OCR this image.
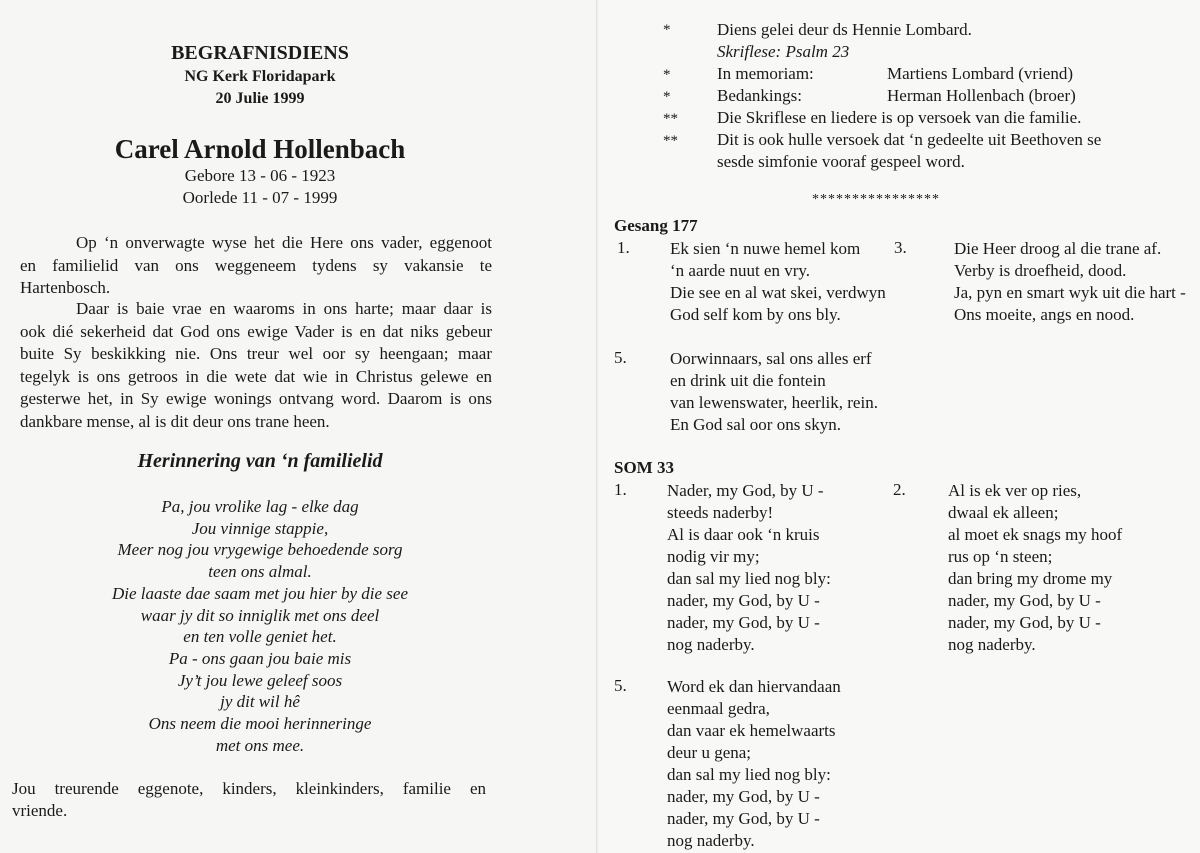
BEGRAFNISDIENS
NG Kerk Floridapark
20 Julie 1999
Carel Arnold Hollenbach
Gebore 13 - 06 - 1923
Oorlede 11 - 07 - 1999
Op ‘n onverwagte wyse het die Here ons vader, eggenoot
en familielid van ons weggeneem tydens sy vakansie te
Hartenbosch.
Daar is baie vrae en waaroms in ons harte; maar daar is
ook dié sekerheid dat God ons ewige Vader is en dat niks gebeur
buite Sy beskikking nie. Ons treur wel oor sy heengaan; maar
tegelyk is ons getroos in die wete dat wie in Christus gelewe en
gesterwe het, in Sy ewige wonings ontvang word. Daarom is ons
dankbare mense, al is dit deur ons trane heen.
Herinnering van ‘n familielid
Pa, jou vrolike lag - elke dag
Jou vinnige stappie,
Meer nog jou vrygewige behoedende sorg
teen ons almal.
Die laaste dae saam met jou hier by die see
waar jy dit so inniglik met ons deel
en ten volle geniet het.
Pa - ons gaan jou baie mis
Jy’t jou lewe geleef soos
jy dit wil hê
Ons neem die mooi herinneringe
met ons mee.
Jou treurende eggenote, kinders, kleinkinders, familie en
vriende.
*	Diens gelei deur ds Hennie Lombard.
Skriflese: Psalm 23
*	In memoriam:	Martiens Lombard (vriend)
*	Bedankings:	Herman Hollenbach (broer)
** Die Skriflese en liedere is op versoek van die familie.
** Dit is ook hulle versoek dat ‘n gedeelte uit Beethoven se
sesde simfonie vooraf gespeel word.
****************
Gesang 177
1. Ek sien ‘n nuwe hemel kom
‘n aarde nuut en vry.
Die see en al wat skei, verdwyn
God self kom by ons bly.
3.	Die Heer droog al die trane af.
Verby is droefheid, dood.
Ja, pyn en smart wyk uit die hart -
Ons moeite, angs en nood.
5.	Oorwinnaars, sal ons alles erf
en drink uit die fontein
van lewenswater, heerlik, rein.
En God sal oor ons skyn.
SOM 33
1. Nader, my God, by U -
steeds naderby!
Al is daar ook ‘n kruis
nodig vir my;
dan sal my lied nog bly:
nader, my God, by U -
nader, my God, by U -
nog naderby.
2. Al is ek ver op ries,
dwaal ek alleen;
al moet ek snags my hoof
rus op ‘n steen;
dan bring my drome my
nader, my God, by U -
nader, my God, by U -
nog naderby.
5. Word ek dan hiervandaan
eenmaal gedra,
dan vaar ek hemelwaarts
deur u gena;
dan sal my lied nog bly:
nader, my God, by U -
nader, my God, by U -
nog naderby.
